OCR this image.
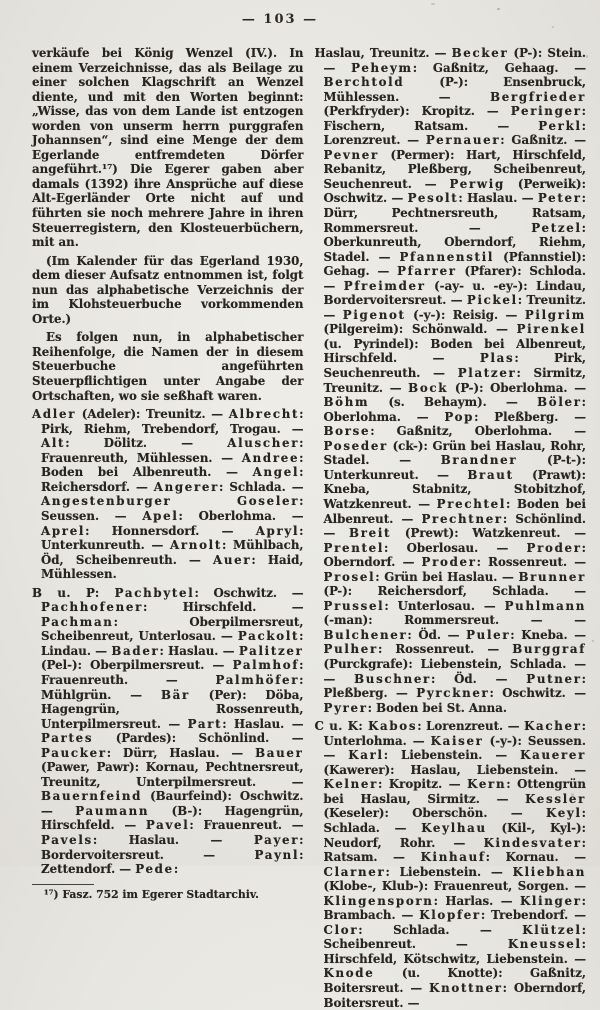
— 103 —

verkäufe bei König Wenzel (IV.). In einem Verzeichnisse, das als Beilage zu einer solchen Klagschrift an Wenzel diente, und mit den Worten beginnt: „Wisse, das von dem Lande ist entzogen worden von unserm herrn purggrafen Johannsen“, sind eine Menge der dem Egerlande entfremdeten Dörfer angeführt.¹⁷) Die Egerer gaben aber damals (1392) ihre Ansprüche auf diese Alt-Egerländer Orte nicht auf und führten sie noch mehrere Jahre in ihren Steuerregistern, den Klosteuerbüchern, mit an.

(Im Kalender für das Egerland 1930, dem dieser Aufsatz entnommen ist, folgt nun das alphabetische Verzeichnis der im Klohsteuerbuche vorkommenden Orte.)

Es folgen nun, in alphabetischer Reihenfolge, die Namen der in diesem Steuerbuche angeführten Steuerpflichtigen unter Angabe der Ortschaften, wo sie seßhaft waren.

Adler (Adeler): Treunitz. — Albrecht: Pirk, Riehm, Trebendorf, Trogau. — Alt: Dölitz. — Aluscher: Frauenreuth, Mühlessen. — Andree: Boden bei Albenreuth. — Angel: Reichersdorf. — Angerer: Schlada. — Angestenburger Goseler: Seussen. — Apel: Oberlohma. — Aprel: Honnersdorf. — Apryl: Unterkunreuth. — Arnolt: Mühlbach, Öd, Scheibenreuth. — Auer: Haid, Mühlessen.

B u. P: Pachbytel: Oschwitz. — Pachhofener: Hirschfeld. — Pachman: Oberpilmersreut, Scheibenreut, Unterlosau. — Packolt: Lindau. — Bader: Haslau. — Palitzer (Pel-): Oberpilmersreut. — Palmhof: Frauenreuth. — Palmhöfer: Mühlgrün. — Bär (Per): Döba, Hagengrün, Rossenreuth, Unterpilmersreut. — Part: Haslau. — Partes (Pardes): Schönlind. — Paucker: Dürr, Haslau. — Bauer (Pawer, Pawr): Kornau, Pechtnersreut, Treunitz, Unterpilmersreut. — Bauernfeind (Baurfeind): Oschwitz. — Paumann (B-): Hagengrün, Hirschfeld. — Pavel: Frauenreut. — Pavels: Haslau. — Payer: Bordervoitersreut. — Paynl: Zettendorf. — Pede:

¹⁷) Fasz. 752 im Egerer Stadtarchiv.

Haslau, Treunitz. — Becker (P-): Stein. — Peheym: Gaßnitz, Gehaag. — Berchtold (P-): Ensenbruck, Mühlessen. — Bergfrieder (Perkfryder): Kropitz. — Peringer: Fischern, Ratsam. — Perkl: Lorenzreut. — Pernauer: Gaßnitz. — Pevner (Permer): Hart, Hirschfeld, Rebanitz, Pleßberg, Scheibenreut, Seuchenreut. — Perwig (Perweik): Oschwitz. — Pesolt: Haslau. — Peter: Dürr, Pechtnersreuth, Ratsam, Rommersreut. — Petzel: Oberkunreuth, Oberndorf, Riehm, Stadel. — Pfannenstil (Pfannstiel): Gehag. — Pfarrer (Pfarer): Schloda. — Pfreimder (-ay- u. -ey-): Lindau, Bordervoitersreut. — Pickel: Treunitz. — Pigenot (-y-): Reisig. — Pilgrim (Pilgereim): Schönwald. — Pirenkel (u. Pyrindel): Boden bei Albenreut, Hirschfeld. — Plas: Pirk, Seuchenreuth. — Platzer: Sirmitz, Treunitz. — Bock (P-): Oberlohma. — Böhm (s. Behaym). — Böler: Oberlohma. — Pop: Pleßberg. — Borse: Gaßnitz, Oberlohma. — Poseder (ck-): Grün bei Haslau, Rohr, Stadel. — Brandner (P-t-): Unterkunreut. — Braut (Prawt): Kneba, Stabnitz, Stobitzhof, Watzkenreut. — Prechtel: Boden bei Albenreut. — Prechtner: Schönlind. — Breit (Prewt): Watzkenreut. — Prentel: Oberlosau. — Proder: Oberndorf. — Proder: Rossenreut. — Prosel: Grün bei Haslau. — Brunner (P-): Reichersdorf, Schlada. — Prussel: Unterlosau. — Puhlmann (-man): Rommersreut. — — Bulchener: Öd. — Puler: Kneba. — Pulher: Rossenreut. — Burggraf (Purckgrafe): Liebenstein, Schlada. — — Buschner: Öd. — Putner: Pleßberg. — Pyrckner: Oschwitz. — Pyrer: Boden bei St. Anna.

C u. K: Kabos: Lorenzreut. — Kacher: Unterlohma. — Kaiser (-y-): Seussen. — Karl: Liebenstein. — Kauerer (Kawerer): Haslau, Liebenstein. — Kelner: Kropitz. — Kern: Ottengrün bei Haslau, Sirmitz. — Kessler (Keseler): Oberschön. — Keyl: Schlada. — Keylhau (Kil-, Kyl-): Neudorf, Rohr. — Kindesvater: Ratsam. — Kinhauf: Kornau. — Clarner: Liebenstein. — Kliebhan (Klobe-, Klub-): Frauenreut, Sorgen. — Klingensporn: Harlas. — Klinger: Brambach. — Klopfer: Trebendorf. — Clor: Schlada. — Klützel: Scheibenreut. — Kneussel: Hirschfeld, Kötschwitz, Liebenstein. — Knode (u. Knotte): Gaßnitz, Boitersreut. — Knottner: Oberndorf, Boitersreut. —
